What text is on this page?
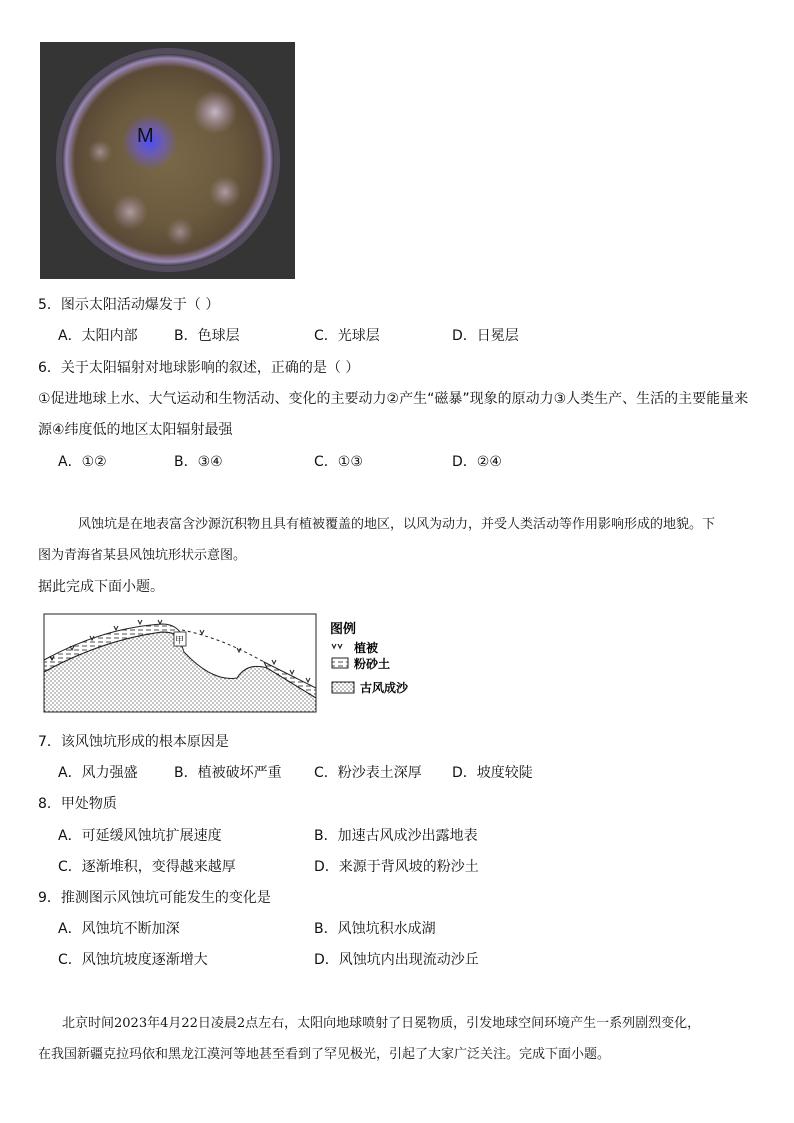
M
5．图示太阳活动爆发于（ ）
A．太阳内部	B．色球层	C．光球层	D．日冕层
6．关于太阳辐射对地球影响的叙述，正确的是（ ）
①促进地球上水、大气运动和生物活动、变化的主要动力②产生“磁暴”现象的原动力③人类生产、生活的主要能量来
源④纬度低的地区太阳辐射最强
A．①②	B．③④	C．①③	D．②④
风蚀坑是在地表富含沙源沉积物且具有植被覆盖的地区，以风为动力，并受人类活动等作用影响形成的地貌。下
图为青海省某县风蚀坑形状示意图。
据此完成下面小题。
甲
图例
植被
粉砂土
古风成沙
7．该风蚀坑形成的根本原因是
A．风力强盛	B．植被破坏严重 C．粉沙表土深厚 D．坡度较陡
8．甲处物质
A．可延缓风蚀坑扩展速度	B．加速古风成沙出露地表
C．逐渐堆积，变得越来越厚	D．来源于背风坡的粉沙土
9．推测图示风蚀坑可能发生的变化是
A．风蚀坑不断加深	B．风蚀坑积水成湖
C．风蚀坑坡度逐渐增大	D．风蚀坑内出现流动沙丘
北京时间2023年4月22日凌晨2点左右，太阳向地球喷射了日冕物质，引发地球空间环境产生一系列剧烈变化，
在我国新疆克拉玛依和黑龙江漠河等地甚至看到了罕见极光，引起了大家广泛关注。完成下面小题。
